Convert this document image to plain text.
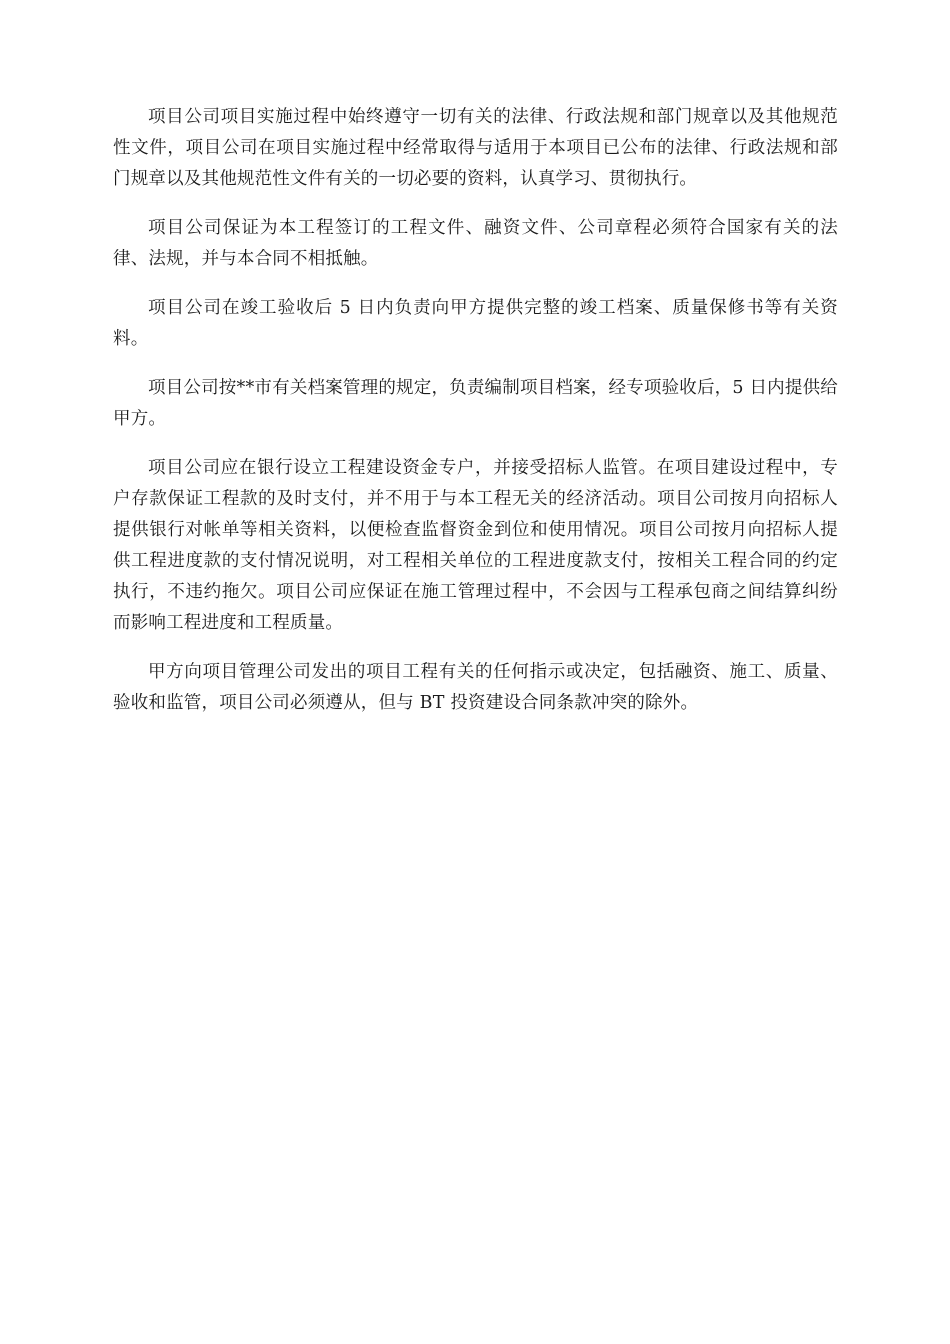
项目公司项目实施过程中始终遵守一切有关的法律、行政法规和部门规章以及其他规范性文件，项目公司在项目实施过程中经常取得与适用于本项目已公布的法律、行政法规和部门规章以及其他规范性文件有关的一切必要的资料，认真学习、贯彻执行。

项目公司保证为本工程签订的工程文件、融资文件、公司章程必须符合国家有关的法律、法规，并与本合同不相抵触。

项目公司在竣工验收后 5 日内负责向甲方提供完整的竣工档案、质量保修书等有关资料。

项目公司按**市有关档案管理的规定，负责编制项目档案，经专项验收后，5 日内提供给甲方。

项目公司应在银行设立工程建设资金专户，并接受招标人监管。在项目建设过程中，专户存款保证工程款的及时支付，并不用于与本工程无关的经济活动。项目公司按月向招标人提供银行对帐单等相关资料，以便检查监督资金到位和使用情况。项目公司按月向招标人提供工程进度款的支付情况说明，对工程相关单位的工程进度款支付，按相关工程合同的约定执行，不违约拖欠。项目公司应保证在施工管理过程中，不会因与工程承包商之间结算纠纷而影响工程进度和工程质量。

甲方向项目管理公司发出的项目工程有关的任何指示或决定，包括融资、施工、质量、验收和监管，项目公司必须遵从，但与 BT 投资建设合同条款冲突的除外。
